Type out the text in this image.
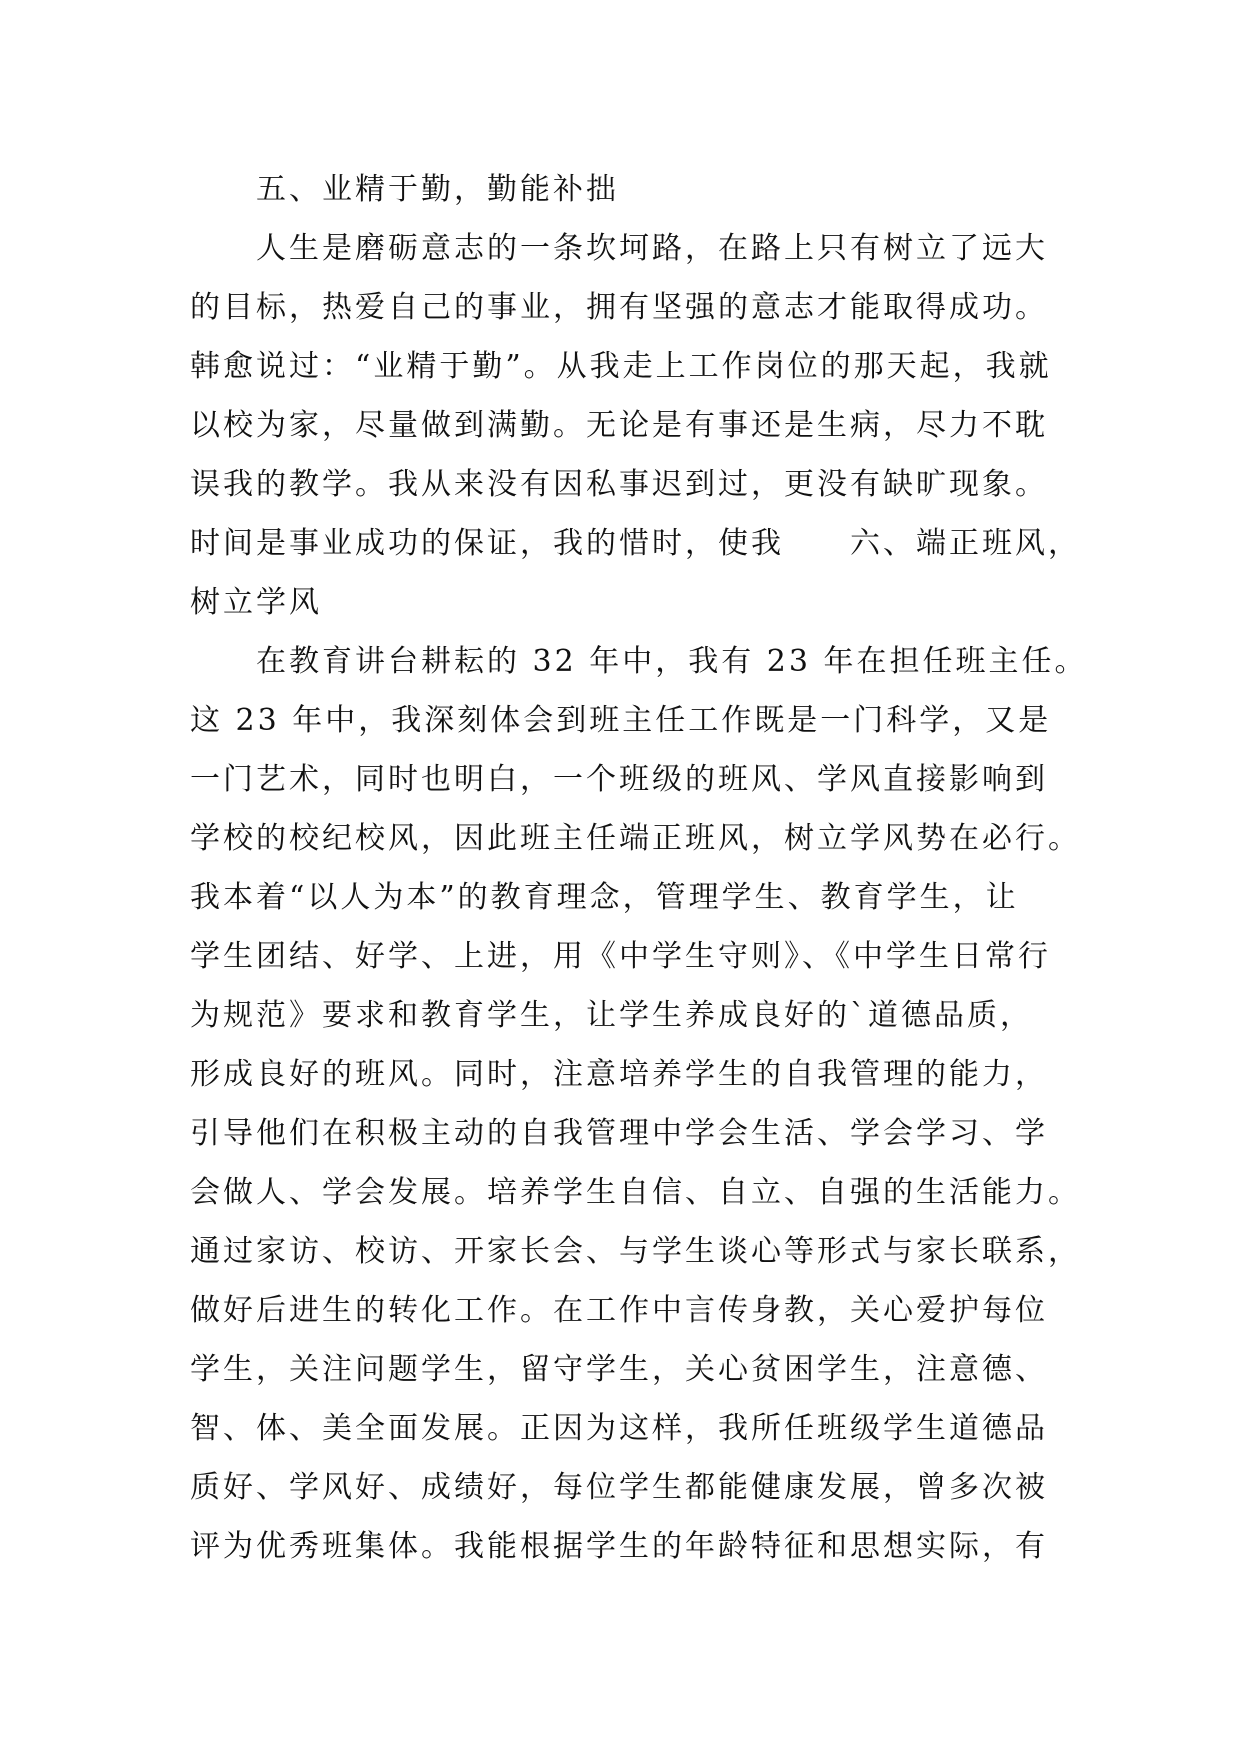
　　五、业精于勤，勤能补拙
　　人生是磨砺意志的一条坎坷路，在路上只有树立了远大
的目标，热爱自己的事业，拥有坚强的意志才能取得成功。
韩愈说过：“业精于勤”。从我走上工作岗位的那天起，我就
以校为家，尽量做到满勤。无论是有事还是生病，尽力不耽
误我的教学。我从来没有因私事迟到过，更没有缺旷现象。
时间是事业成功的保证，我的惜时，使我　　六、端正班风，
树立学风
　　在教育讲台耕耘的 32 年中，我有 23 年在担任班主任。
这 23 年中，我深刻体会到班主任工作既是一门科学，又是
一门艺术，同时也明白，一个班级的班风、学风直接影响到
学校的校纪校风，因此班主任端正班风，树立学风势在必行。
我本着“以人为本”的教育理念，管理学生、教育学生，让
学生团结、好学、上进，用《中学生守则》、《中学生日常行
为规范》要求和教育学生，让学生养成良好的`道德品质，
形成良好的班风。同时，注意培养学生的自我管理的能力，
引导他们在积极主动的自我管理中学会生活、学会学习、学
会做人、学会发展。培养学生自信、自立、自强的生活能力。
通过家访、校访、开家长会、与学生谈心等形式与家长联系，
做好后进生的转化工作。在工作中言传身教，关心爱护每位
学生，关注问题学生，留守学生，关心贫困学生，注意德、
智、体、美全面发展。正因为这样，我所任班级学生道德品
质好、学风好、成绩好，每位学生都能健康发展，曾多次被
评为优秀班集体。我能根据学生的年龄特征和思想实际，有
